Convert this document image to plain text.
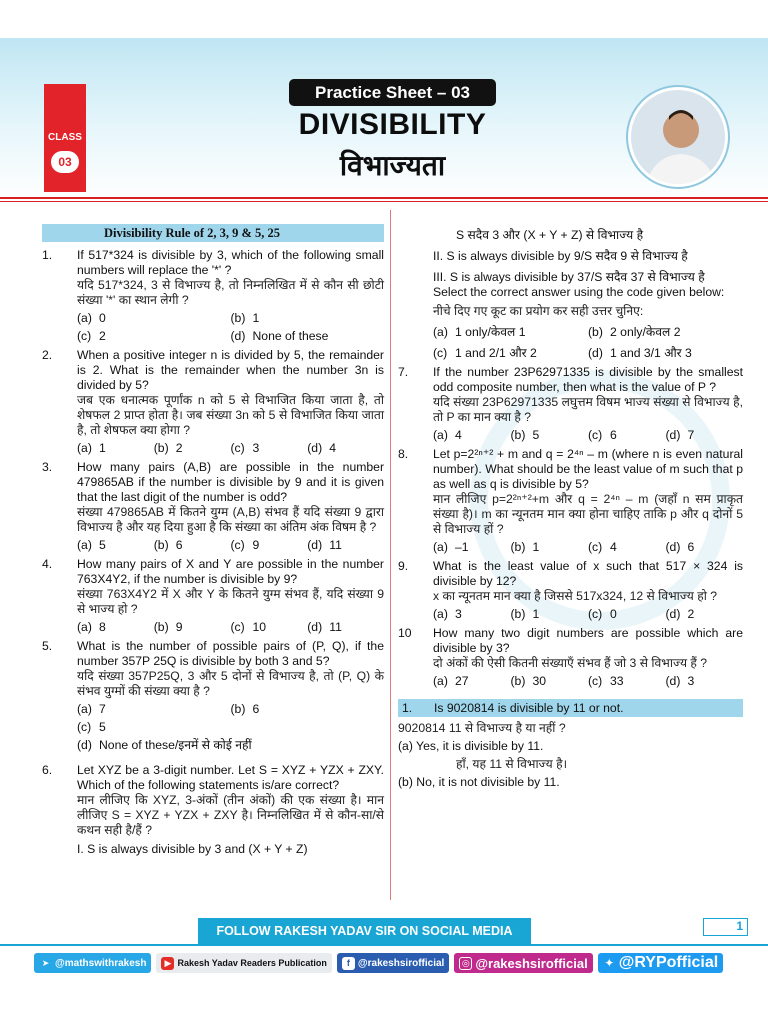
CLASS
03
Practice Sheet – 03
DIVISIBILITY
विभाज्यता
Divisibility Rule of 2, 3, 9 & 5, 25
1.	If 517*324 is divisible by 3, which of the following small numbers will replace the '*' ?
यदि 517*324, 3 से विभाज्य है, तो निम्नलिखित में से कौन सी छोटी संख्या '*' का स्थान लेगी ?
(a) 0	(b) 1
(c) 2	(d) None of these
2.	When a positive integer n is divided by 5, the remainder is 2. What is the remainder when the number 3n is divided by 5?
जब एक धनात्मक पूर्णांक n को 5 से विभाजित किया जाता है, तो शेषफल 2 प्राप्त होता है। जब संख्या 3n को 5 से विभाजित किया जाता है, तो शेषफल क्या होगा ?
(a) 1	(b) 2	(c) 3	(d) 4
3.	How many pairs (A,B) are possible in the number 479865AB if the number is divisible by 9 and it is given that the last digit of the number is odd?
संख्या 479865AB में कितने युग्म (A,B) संभव हैं यदि संख्या 9 द्वारा विभाज्य है और यह दिया हुआ है कि संख्या का अंतिम अंक विषम है ?
(a) 5	(b) 6	(c) 9	(d) 11
4.	How many pairs of X and Y are possible in the number 763X4Y2, if the number is divisible by 9?
संख्या 763X4Y2 में X और Y के कितने युग्म संभव हैं, यदि संख्या 9 से भाज्य हो ?
(a) 8	(b) 9	(c) 10	(d) 11
5.	What is the number of possible pairs of (P, Q), if the number 357P 25Q is divisible by both 3 and 5?
यदि संख्या 357P25Q, 3 और 5 दोनों से विभाज्य है, तो (P, Q) के संभव युग्मों की संख्या क्या है ?
(a) 7	(b) 6
(c) 5
(d) None of these/इनमें से कोई नहीं
6.	Let XYZ be a 3-digit number. Let S = XYZ + YZX + ZXY. Which of the following statements is/are correct?
मान लीजिए कि XYZ, 3-अंकों (तीन अंकों) की एक संख्या है। मान लीजिए S = XYZ + YZX + ZXY है। निम्नलिखित में से कौन-सा/से कथन सही है/हैं ?
I. S is always divisible by 3 and (X + Y + Z)
S सदैव 3 और (X + Y + Z) से विभाज्य है
II. S is always divisible by 9/S सदैव 9 से विभाज्य है
III. S is always divisible by 37/S सदैव 37 से विभाज्य है
Select the correct answer using the code given below:
नीचे दिए गए कूट का प्रयोग कर सही उत्तर चुनिए:
(a) 1 only/केवल 1	(b) 2 only/केवल 2
(c) 1 and 2/1 और 2	(d) 1 and 3/1 और 3
7.	If the number 23P62971335 is divisible by the smallest odd composite number, then what is the value of P ?
यदि संख्या 23P62971335 लघुत्तम विषम भाज्य संख्या से विभाज्य है, तो P का मान क्या है ?
(a) 4	(b) 5	(c) 6	(d) 7
8.	Let p=2²ⁿ⁺² + m and q = 2⁴ⁿ – m (where n is even natural number). What should be the least value of m such that p as well as q is divisible by 5?
मान लीजिए p=2²ⁿ⁺²+m और q = 2⁴ⁿ – m (जहाँ n सम प्राकृत संख्या है)। m का न्यूनतम मान क्या होना चाहिए ताकि p और q दोनों 5 से विभाज्य हों ?
(a) –1	(b) 1	(c) 4	(d) 6
9.	What is the least value of x such that 517 × 324 is divisible by 12?
x का न्यूनतम मान क्या है जिससे 517x324, 12 से विभाज्य हो ?
(a) 3	(b) 1	(c) 0	(d) 2
10	How many two digit numbers are possible which are divisible by 3?
दो अंकों की ऐसी कितनी संख्याएँ संभव हैं जो 3 से विभाज्य हैं ?
(a) 27	(b) 30	(c) 33	(d) 3
1.	Is 9020814 is divisible by 11 or not.
9020814 11 से विभाज्य है या नहीं ?
(a) Yes, it is divisible by 11.
हाँ, यह 11 से विभाज्य है।
(b) No, it is not divisible by 11.
FOLLOW RAKESH YADAV SIR ON SOCIAL MEDIA	1
➤ @mathswithrakesh	▶ Rakesh Yadav Readers Publication	f @rakeshsirofficial ◎ @rakeshsirofficial ✦ @RYPofficial
